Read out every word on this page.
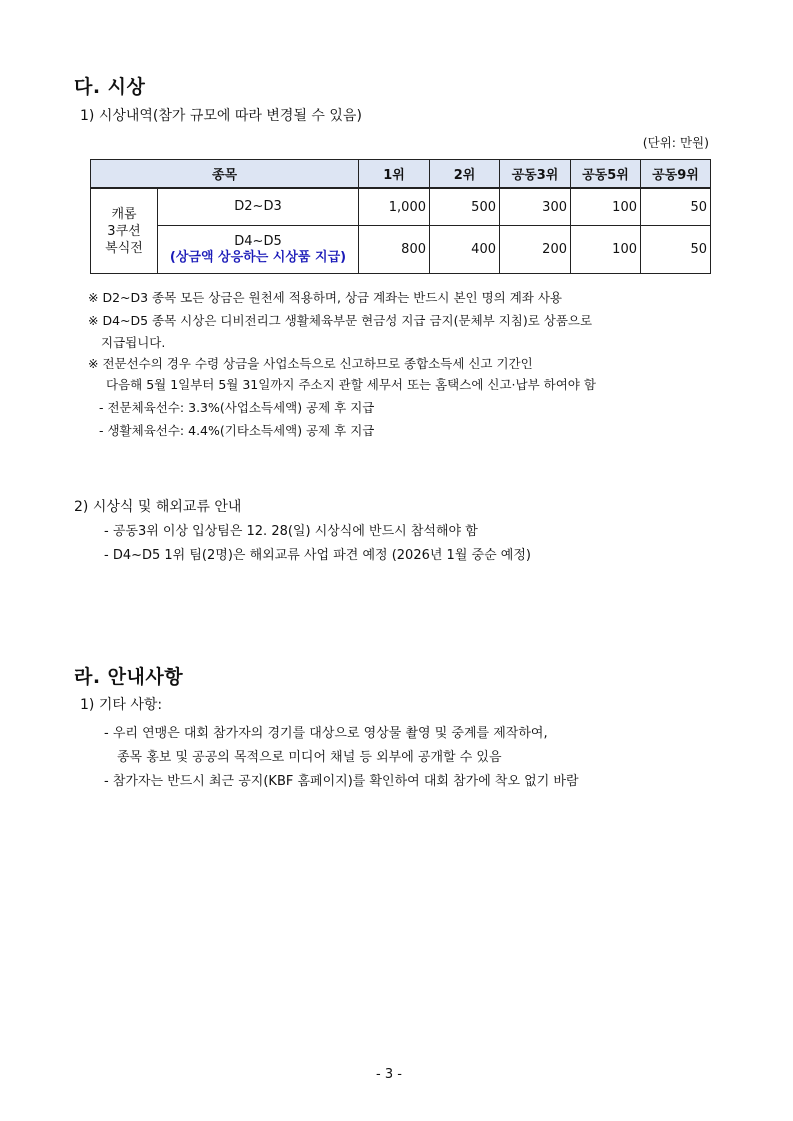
다. 시상
1) 시상내역(참가 규모에 따라 변경될 수 있음)
(단위: 만원)
종목		1위	2위	공동3위	공동5위	공동9위

캐롬
3쿠션
복식전	D2~D3	1,000	500	300	100	50

	D4~D5
(상금액 상응하는 시상품 지급)	800	400	200	100	50
※ D2~D3 종목 모든 상금은 원천세 적용하며, 상금 계좌는 반드시 본인 명의 계좌 사용
※ D4~D5 종목 시상은 디비전리그 생활체육부문 현금성 지급 금지(문체부 지침)로 상품으로
지급됩니다.
※ 전문선수의 경우 수령 상금을 사업소득으로 신고하므로 종합소득세 신고 기간인
다음해 5월 1일부터 5월 31일까지 주소지 관할 세무서 또는 홈택스에 신고·납부 하여야 함
- 전문체육선수: 3.3%(사업소득세액) 공제 후 지급
- 생활체육선수: 4.4%(기타소득세액) 공제 후 지급
2) 시상식 및 해외교류 안내
- 공동3위 이상 입상팀은 12. 28(일) 시상식에 반드시 참석해야 함
- D4~D5 1위 팀(2명)은 해외교류 사업 파견 예정 (2026년 1월 중순 예정)
라. 안내사항
1) 기타 사항:
- 우리 연맹은 대회 참가자의 경기를 대상으로 영상물 촬영 및 중계를 제작하여,
종목 홍보 및 공공의 목적으로 미디어 채널 등 외부에 공개할 수 있음
- 참가자는 반드시 최근 공지(KBF 홈페이지)를 확인하여 대회 참가에 착오 없기 바람
- 3 -
